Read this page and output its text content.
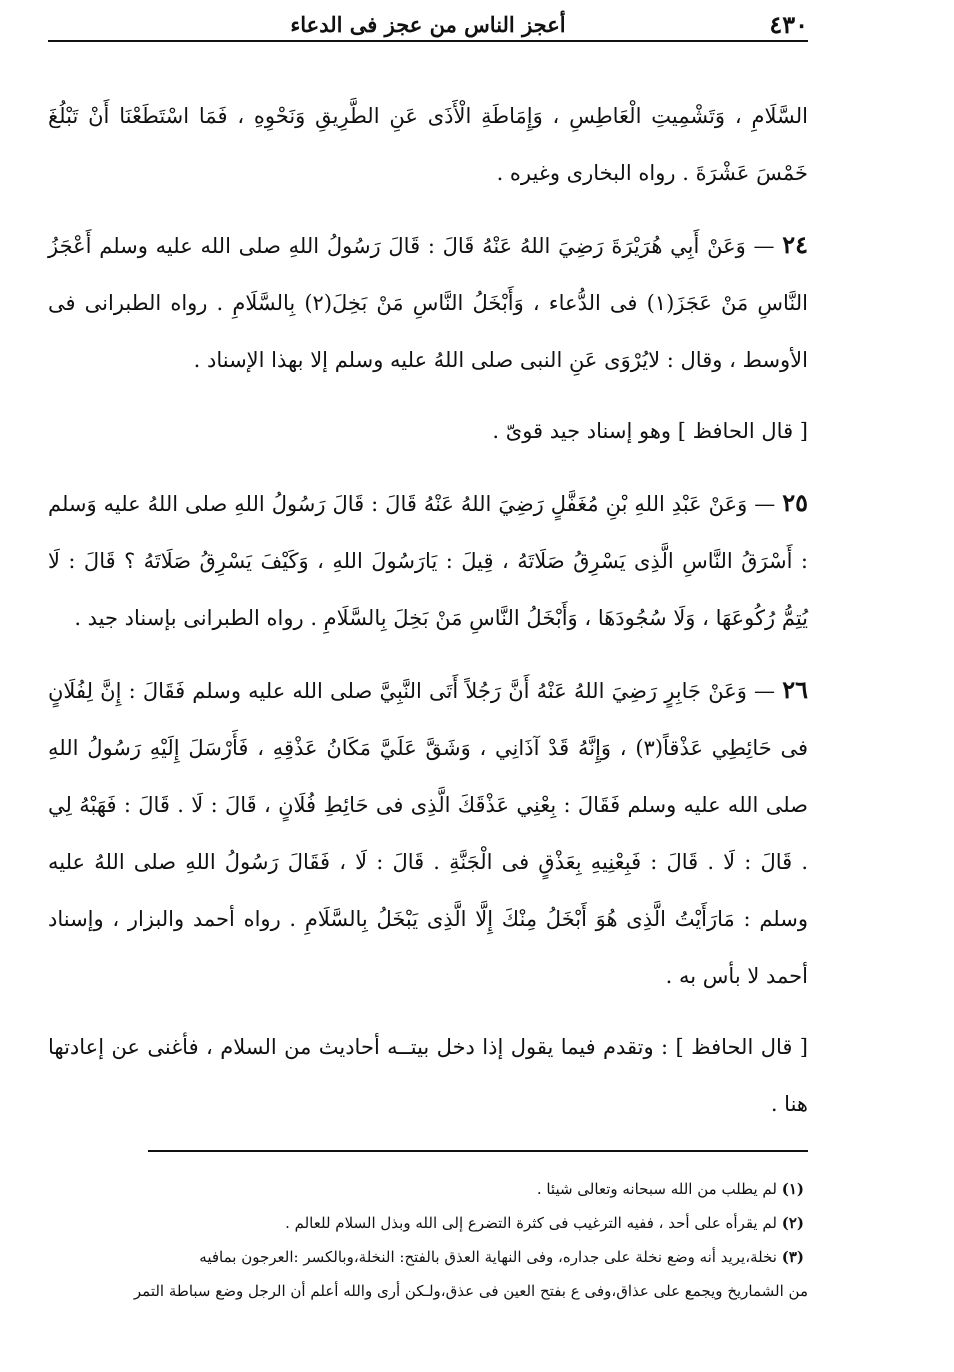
٤٣٠
أعجز الناس من عجز فى الدعاء

السَّلَامِ ، وَتَشْمِيتِ الْعَاطِسِ ، وَإِمَاطَةِ الْأَذَى عَنِ الطَّرِيقِ وَنَحْوِهِ ، فَمَا اسْتَطَعْنَا أَنْ تَبْلُغَ خَمْسَ عَشْرَةَ . رواه البخارى وغيره .

٢٤ — وَعَنْ أَبِي هُرَيْرَةَ رَضِيَ اللهُ عَنْهُ قَالَ : قَالَ رَسُولُ اللهِ صلى الله عليه وسلم أَعْجَزُ النَّاسِ مَنْ عَجَزَ(١) فى الدُّعاء ، وَأَبْخَلُ النَّاسِ مَنْ بَخِلَ(٢) بِالسَّلَامِ . رواه الطبرانى فى الأوسط ، وقال : لايُرْوَى عَنِ النبى صلى اللهُ عليه وسلم إلا بهذا الإسناد .

[ قال الحافظ ] وهو إسناد جيد قوىّ .

٢٥ — وَعَنْ عَبْدِ اللهِ بْنِ مُغَفَّلٍ رَضِيَ اللهُ عَنْهُ قَالَ : قَالَ رَسُولُ اللهِ صلى اللهُ عليه وَسلم : أَسْرَقُ النَّاسِ الَّذِى يَسْرِقُ صَلَاتَهُ ، قِيلَ : يَارَسُولَ اللهِ ، وَكَيْفَ يَسْرِقُ صَلَاتَهُ ؟ قَالَ : لَا يُتِمُّ رُكُوعَهَا ، وَلَا سُجُودَهَا ، وَأَبْخَلُ النَّاسِ مَنْ بَخِلَ بِالسَّلَامِ . رواه الطبرانى بإسناد جيد .

٢٦ — وَعَنْ جَابِرٍ رَضِيَ اللهُ عَنْهُ أَنَّ رَجُلاً أَتَى النَّبِيَّ صلى الله عليه وسلم فَقَالَ : إِنَّ لِفُلَانٍ فى حَائِطِي عَذْقاً(٣) ، وَإِنَّهُ قَدْ آذَانِي ، وَشَقَّ عَلَيَّ مَكَانُ عَذْقِهِ ، فَأَرْسَلَ إِلَيْهِ رَسُولُ اللهِ صلى الله عليه وسلم فَقَالَ : بِعْنِي عَذْقَكَ الَّذِى فى حَائِطِ فُلَانٍ ، قَالَ : لَا . قَالَ : فَهَبْهُ لِي . قَالَ : لَا . قَالَ : فَبِعْنِيهِ بِعَذْقٍ فى الْجَنَّةِ . قَالَ : لَا ، فَقَالَ رَسُولُ اللهِ صلى اللهُ عليه وسلم : مَارَأَيْتُ الَّذِى هُوَ أَبْخَلُ مِنْكَ إِلَّا الَّذِى يَبْخَلُ بِالسَّلَامِ . رواه أحمد والبزار ، وإسناد أحمد لا بأس به .

[ قال الحافظ ] : وتقدم فيما يقول إذا دخل بيتــه أحاديث من السلام ، فأغنى عن إعادتها هنا .

(١) لم يطلب من الله سبحانه وتعالى شيئا .

(٢) لم يقرأه على أحد ، ففيه الترغيب فى كثرة التضرع إلى الله وبذل السلام للعالم .

(٣) نخلة،يريد أنه وضع نخلة على جداره، وفى النهاية العذق بالفتح: النخلة،وبالكسر :العرجون بمافيه

من الشماريخ ويجمع على عذاق،وفى ع بفتح العين فى عذق،ولـكن أرى والله أعلم أن الرجل وضع سباطة التمر
